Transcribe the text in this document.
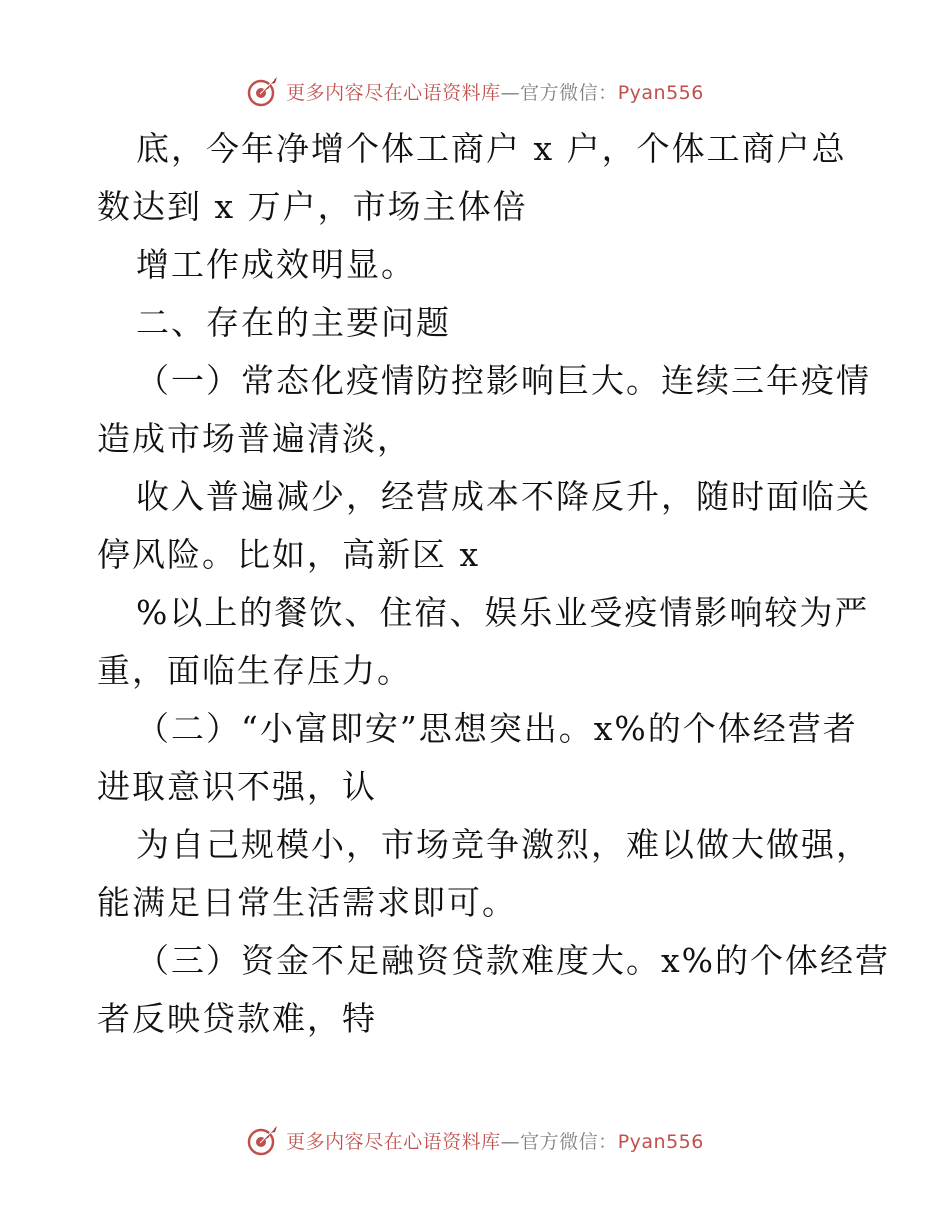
更多内容尽在心语资料库—官方微信：Pyan556
底，今年净增个体工商户 x 户，个体工商户总
数达到 x 万户，市场主体倍
增工作成效明显。
二、存在的主要问题
（一）常态化疫情防控影响巨大。连续三年疫情
造成市场普遍清淡，
收入普遍减少，经营成本不降反升，随时面临关
停风险。比如，高新区 x
%以上的餐饮、住宿、娱乐业受疫情影响较为严
重，面临生存压力。
（二）“小富即安”思想突出。x%的个体经营者
进取意识不强，认
为自己规模小，市场竞争激烈，难以做大做强，
能满足日常生活需求即可。
（三）资金不足融资贷款难度大。x%的个体经营
者反映贷款难，特
更多内容尽在心语资料库—官方微信：Pyan556
